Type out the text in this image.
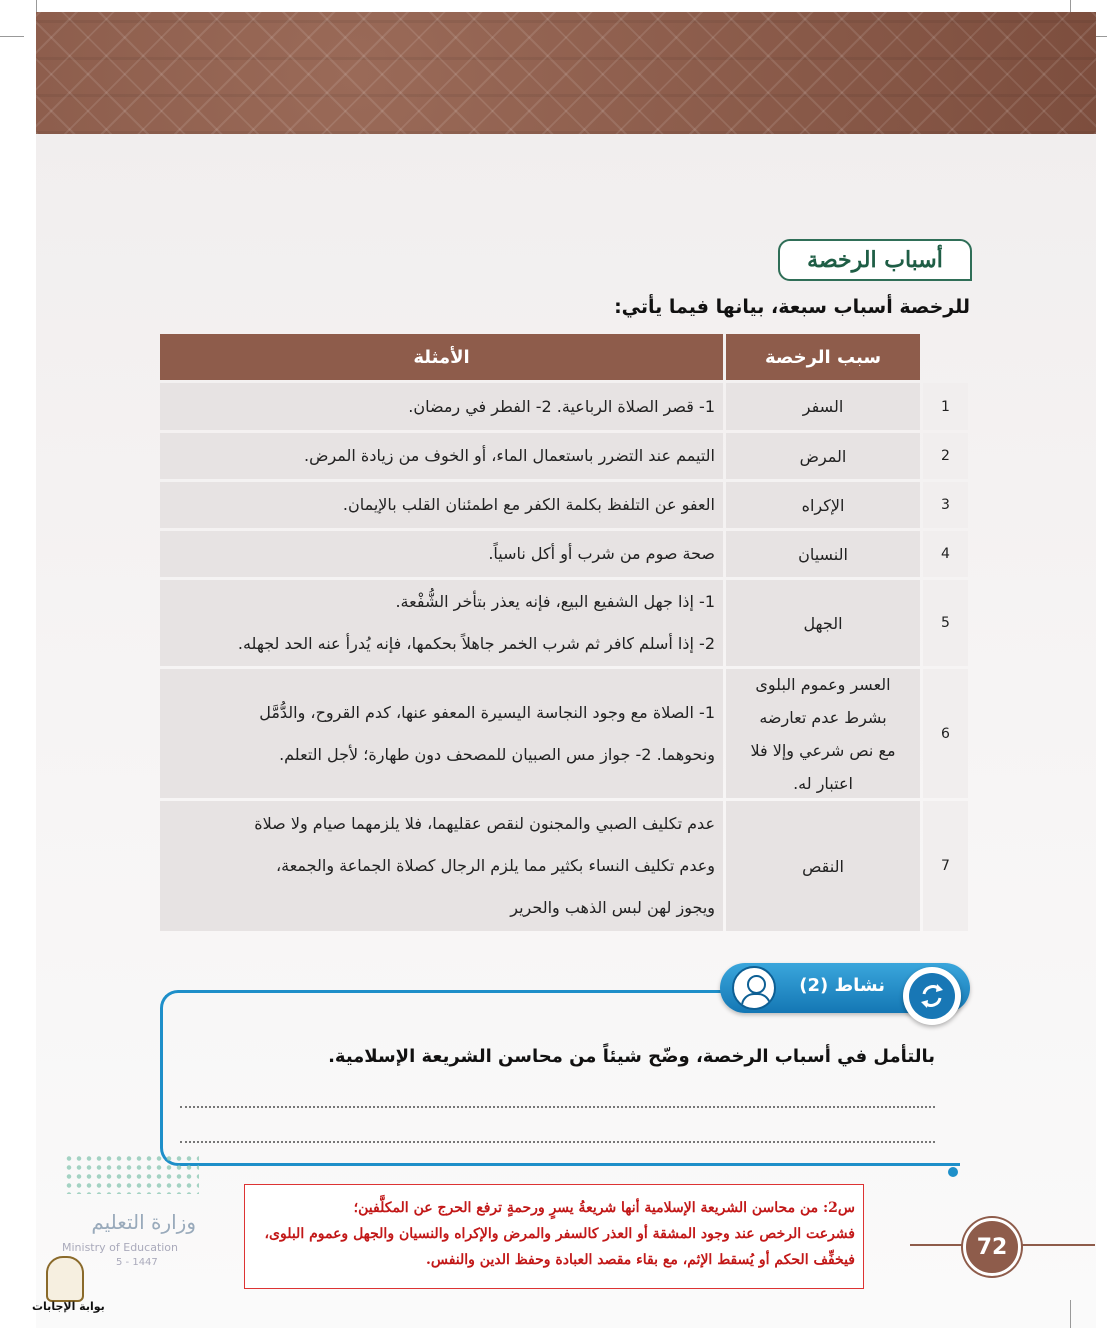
أسباب الرخصة
للرخصة أسباب سبعة، بيانها فيما يأتي:
سبب الرخصة
الأمثلة
1
السفر
1- قصر الصلاة الرباعية. 2- الفطر في رمضان.
2
المرض
التيمم عند التضرر باستعمال الماء، أو الخوف من زيادة المرض.
3
الإكراه
العفو عن التلفظ بكلمة الكفر مع اطمئنان القلب بالإيمان.
4
النسيان
صحة صوم من شرب أو أكل ناسياً.
5
الجهل
1- إذا جهل الشفيع البيع، فإنه يعذر بتأخر الشُّفْعة.
2- إذا أسلم كافر ثم شرب الخمر جاهلاً بحكمها، فإنه يُدرأ عنه الحد لجهله.
6
العسر وعموم البلوى
بشرط عدم تعارضه
مع نص شرعي وإلا فلا
اعتبار له.
1- الصلاة مع وجود النجاسة اليسيرة المعفو عنها، كدم القروح، والدُّمَّل
ونحوهما. 2- جواز مس الصبيان للمصحف دون طهارة؛ لأجل التعلم.
7
النقص
عدم تكليف الصبي والمجنون لنقص عقليهما، فلا يلزمهما صيام ولا صلاة
وعدم تكليف النساء بكثير مما يلزم الرجال كصلاة الجماعة والجمعة،
ويجوز لهن لبس الذهب والحرير
نشاط (2)
بالتأمل في أسباب الرخصة، وضّح شيئاً من محاسن الشريعة الإسلامية.
س2: من محاسن الشريعة الإسلامية أنها شريعةُ يسرٍ ورحمةٍ ترفع الحرج عن المكلَّفين؛
فشرعت الرخص عند وجود المشقة أو العذر كالسفر والمرض والإكراه والنسيان والجهل وعموم البلوى،
فيخفِّف الحكم أو يُسقط الإثم، مع بقاء مقصد العبادة وحفظ الدين والنفس.
72
وزارة التعليم
Ministry of Education
5 - 1447
بوابة الإجابات
